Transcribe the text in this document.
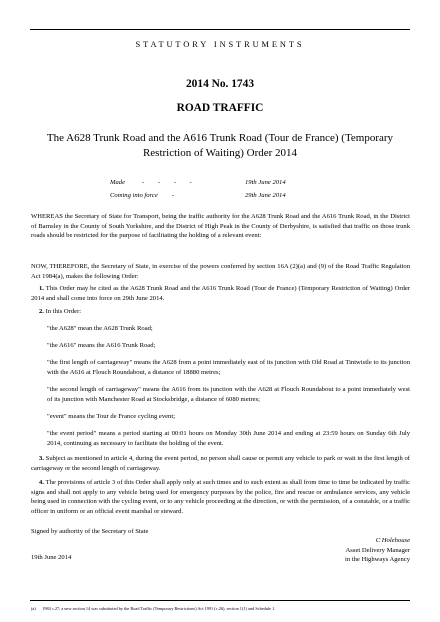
STATUTORY INSTRUMENTS
2014 No. 1743
ROAD TRAFFIC
The A628 Trunk Road and the A616 Trunk Road (Tour de France) (Temporary Restriction of Waiting) Order 2014
Made	- - - -	19th June 2014
Coming into force -	29th June 2014
WHEREAS the Secretary of State for Transport, being the traffic authority for the A628 Trunk Road and the A616 Trunk Road, in the District of Barnsley in the County of South Yorkshire, and the District of High Peak in the County of Derbyshire, is satisfied that traffic on those trunk roads should be restricted for the purpose of facilitating the holding of a relevant event:
NOW, THEREFORE, the Secretary of State, in exercise of the powers conferred by section 16A (2)(a) and (9) of the Road Traffic Regulation Act 1984(a), makes the following Order:
1. This Order may be cited as the A628 Trunk Road and the A616 Trunk Road (Tour de France) (Temporary Restriction of Waiting) Order 2014 and shall come into force on 29th June 2014.
2. In this Order:
"the A628" mean the A628 Trunk Road;
"the A616" means the A616 Trunk Road;
"the first length of carriageway" means the A628 from a point immediately east of its junction with Old Road at Tintwistle to its junction with the A616 at Flouch Roundabout, a distance of 18880 metres;
"the second length of carriageway" means the A616 from its junction with the A628 at Flouch Roundabout to a point immediately west of its junction with Manchester Road at Stocksbridge, a distance of 6080 metres;
"event" means the Tour de France cycling event;
"the event period" means a period starting at 00:01 hours on Monday 30th June 2014 and ending at 23:59 hours on Sunday 6th July 2014, continuing as necessary to facilitate the holding of the event.
3. Subject as mentioned in article 4, during the event period, no person shall cause or permit any vehicle to park or wait in the first length of carriageway or the second length of carriageway.
4. The provisions of article 3 of this Order shall apply only at such times and to such extent as shall from time to time be indicated by traffic signs and shall not apply to any vehicle being used for emergency purposes by the police, fire and rescue or ambulance services, any vehicle being used in connection with the cycling event, or to any vehicle proceeding at the direction, or with the permission, of a constable, or a traffic officer in uniform or an official event marshal or steward.
Signed by authority of the Secretary of State
C Holehouse
Asset Delivery Manager
in the Highways Agency
19th June 2014
(a)      1984 c.27; a new section 14 was substituted by the Road Traffic (Temporary Restrictions) Act 1991 (c.26), section 1(1) and Schedule 1.
